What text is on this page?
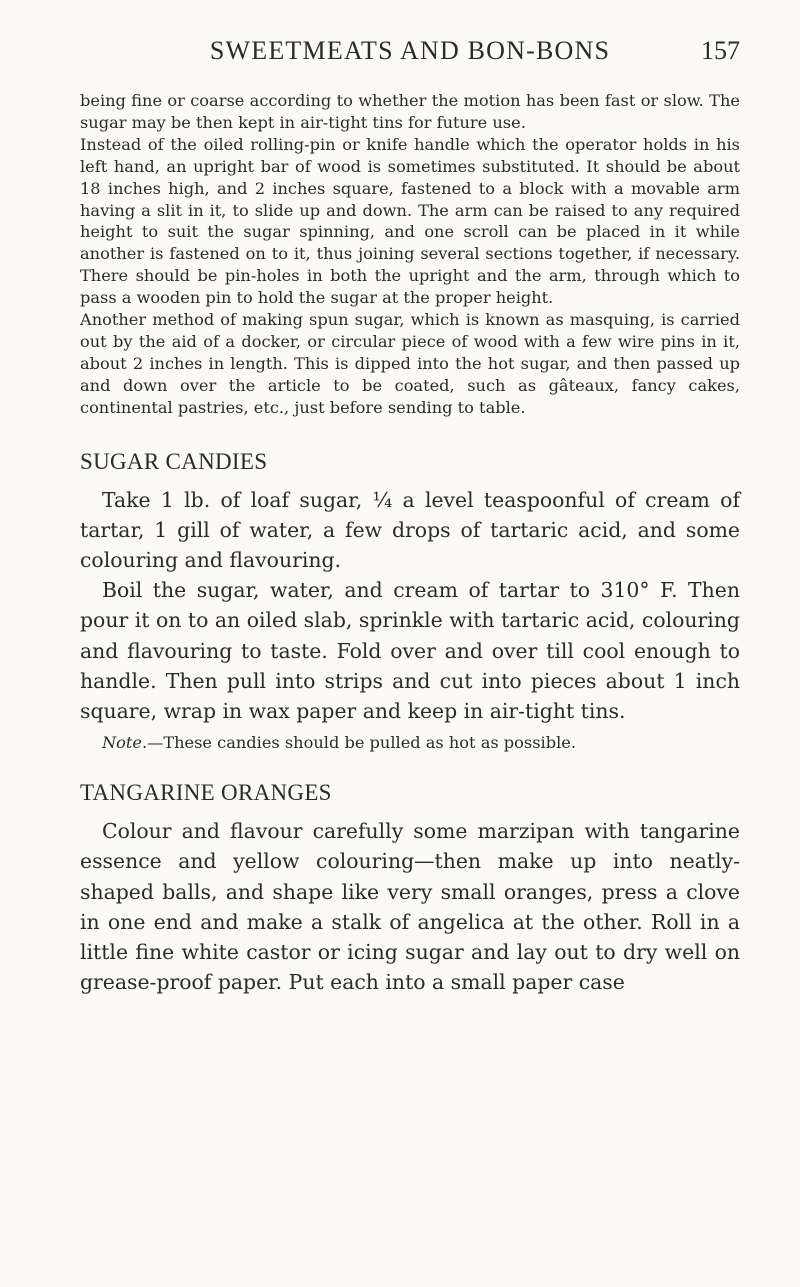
SWEETMEATS AND BON-BONS	157

being fine or coarse according to whether the motion has been fast or slow. The sugar may be then kept in air-tight tins for future use.

Instead of the oiled rolling-pin or knife handle which the operator holds in his left hand, an upright bar of wood is sometimes substituted. It should be about 18 inches high, and 2 inches square, fastened to a block with a movable arm having a slit in it, to slide up and down. The arm can be raised to any required height to suit the sugar spinning, and one scroll can be placed in it while another is fastened on to it, thus joining several sections together, if necessary. There should be pin-holes in both the upright and the arm, through which to pass a wooden pin to hold the sugar at the proper height.

Another method of making spun sugar, which is known as masquing, is carried out by the aid of a docker, or circular piece of wood with a few wire pins in it, about 2 inches in length. This is dipped into the hot sugar, and then passed up and down over the article to be coated, such as gâteaux, fancy cakes, continental pastries, etc., just before sending to table.

SUGAR CANDIES

Take 1 lb. of loaf sugar, ¼ a level teaspoonful of cream of tartar, 1 gill of water, a few drops of tartaric acid, and some colouring and flavouring.

Boil the sugar, water, and cream of tartar to 310° F. Then pour it on to an oiled slab, sprinkle with tartaric acid, colouring and flavouring to taste. Fold over and over till cool enough to handle. Then pull into strips and cut into pieces about 1 inch square, wrap in wax paper and keep in air-tight tins.

Note.—These candies should be pulled as hot as possible.

TANGARINE ORANGES

Colour and flavour carefully some marzipan with tangarine essence and yellow colouring—then make up into neatly-shaped balls, and shape like very small oranges, press a clove in one end and make a stalk of angelica at the other. Roll in a little fine white castor or icing sugar and lay out to dry well on grease-proof paper. Put each into a small paper case
